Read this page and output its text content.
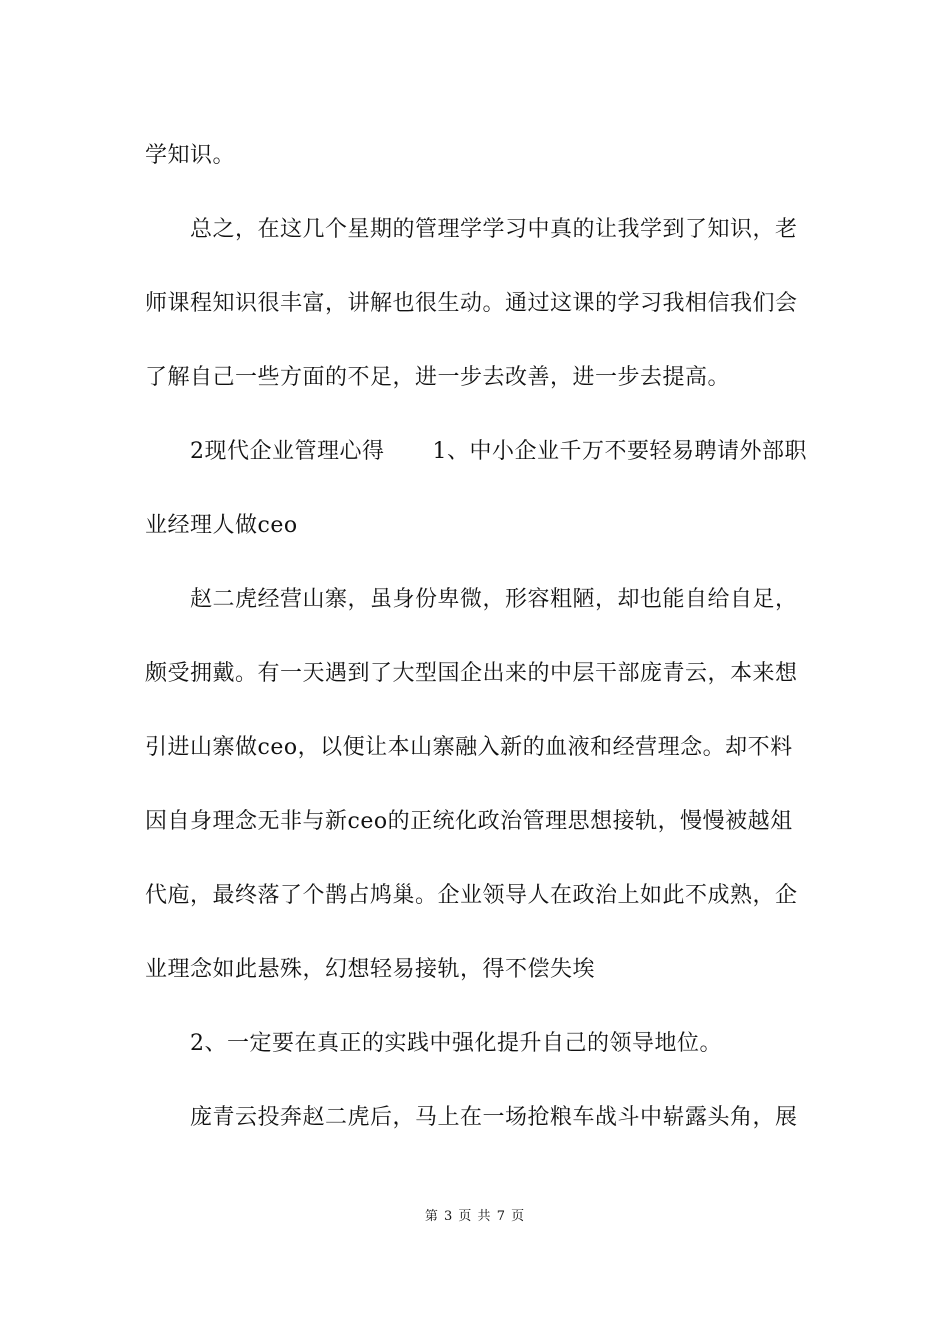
学知识。
总之，在这几个星期的管理学学习中真的让我学到了知识，老
师课程知识很丰富，讲解也很生动。通过这课的学习我相信我们会
了解自己一些方面的不足，进一步去改善，进一步去提高。
2现代企业管理心得 1、中小企业千万不要轻易聘请外部职
业经理人做ceo
赵二虎经营山寨，虽身份卑微，形容粗陋，却也能自给自足，
颇受拥戴。有一天遇到了大型国企出来的中层干部庞青云，本来想
引进山寨做ceo，以便让本山寨融入新的血液和经营理念。却不料
因自身理念无非与新ceo的正统化政治管理思想接轨，慢慢被越俎
代庖，最终落了个鹊占鸠巢。企业领导人在政治上如此不成熟，企
业理念如此悬殊，幻想轻易接轨，得不偿失埃
2、一定要在真正的实践中强化提升自己的领导地位。
庞青云投奔赵二虎后，马上在一场抢粮车战斗中崭露头角，展
第 3 页 共 7 页
